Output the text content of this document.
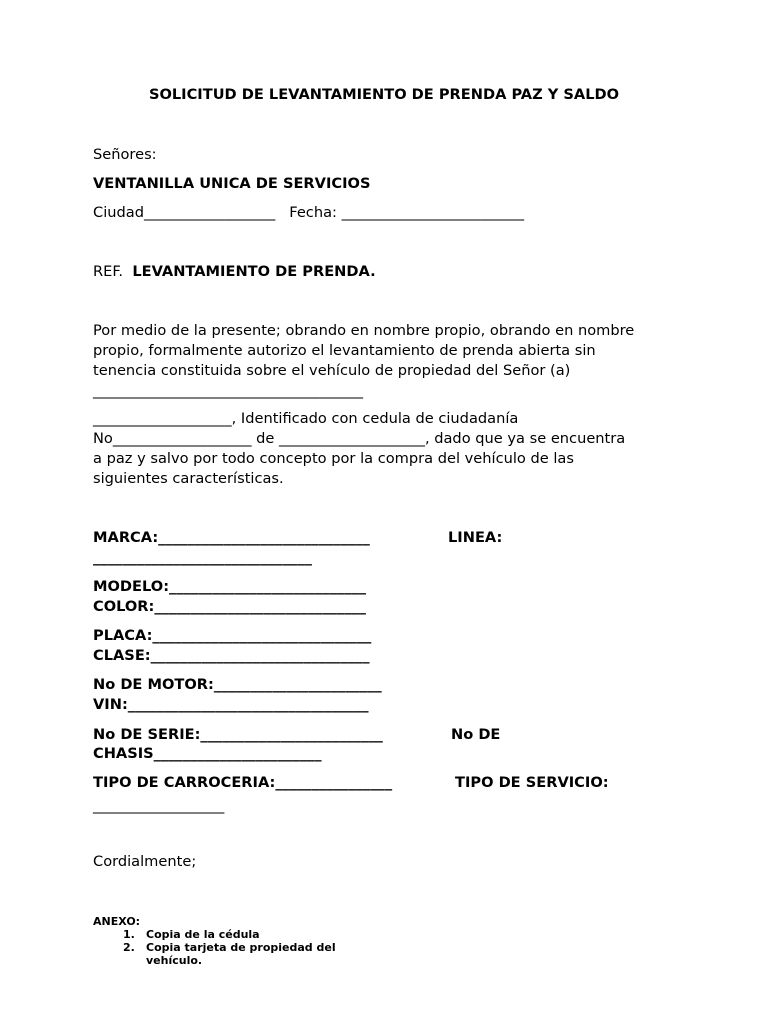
SOLICITUD DE LEVANTAMIENTO DE PRENDA PAZ Y SALDO
Señores:
VENTANILLA UNICA DE SERVICIOS
Ciudad__________________   Fecha: _________________________
REF. LEVANTAMIENTO DE PRENDA.
Por medio de la presente; obrando en nombre propio, obrando en nombre
propio, formalmente autorizo el levantamiento de prenda abierta sin
tenencia constituida sobre el vehículo de propiedad del Señor (a)
_____________________________________
___________________, Identificado con cedula de ciudadanía
No___________________ de ____________________, dado que ya se encuentra
a paz y salvo por todo concepto por la compra del vehículo de las
siguientes características.
MARCA:_____________________________	LINEA:
______________________________
MODELO:___________________________
COLOR:_____________________________
PLACA:______________________________
CLASE:______________________________
No DE MOTOR:_______________________
VIN:_________________________________
No DE SERIE:_________________________	No DE
CHASIS_______________________
TIPO DE CARROCERIA:________________	TIPO DE SERVICIO:
__________________
Cordialmente;
ANEXO:
1. Copia de la cédula
2. Copia tarjeta de propiedad del
vehículo.
